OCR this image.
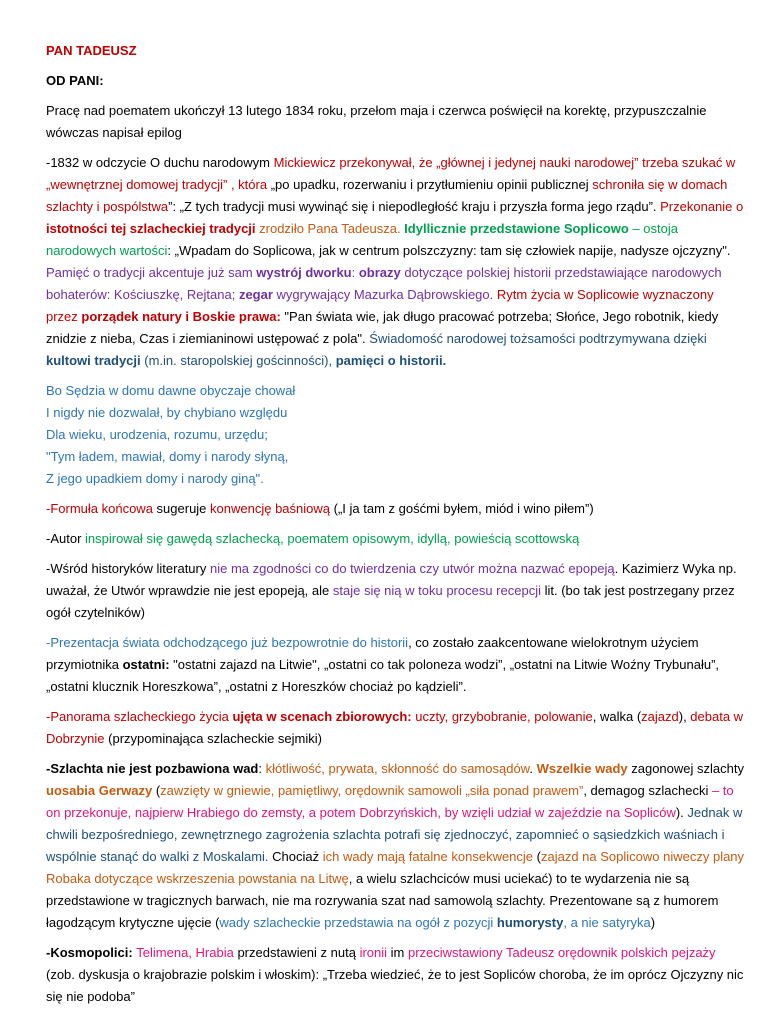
PAN TADEUSZ

OD PANI:

Pracę nad poematem ukończył 13 lutego 1834 roku, przełom maja i czerwca poświęcił na korektę, przypuszczalnie wówczas napisał epilog

-1832 w odczycie O duchu narodowym Mickiewicz przekonywał, że „głównej i jedynej nauki narodowej” trzeba szukać w „wewnętrznej domowej tradycji” , która „po upadku, rozerwaniu i przytłumieniu opinii publicznej schroniła się w domach szlachty i pospólstwa”: „Z tych tradycji musi wywinąć się i niepodległość kraju i przyszła forma jego rządu”. Przekonanie o istotności tej szlacheckiej tradycji zrodziło Pana Tadeusza. Idyllicznie przedstawione Soplicowo – ostoja narodowych wartości: „Wpadam do Soplicowa, jak w centrum polszczyzny: tam się człowiek napije, nadysze ojczyzny". Pamięć o tradycji akcentuje już sam wystrój dworku: obrazy dotyczące polskiej historii przedstawiające narodowych bohaterów: Kościuszkę, Rejtana; zegar wygrywający Mazurka Dąbrowskiego. Rytm życia w Soplicowie wyznaczony przez porządek natury i Boskie prawa: "Pan świata wie, jak długo pracować potrzeba; Słońce, Jego robotnik, kiedy znidzie z nieba, Czas i ziemianinowi ustępować z pola". Świadomość narodowej tożsamości podtrzymywana dzięki kultowi tradycji (m.in. staropolskiej gościnności), pamięci o historii.

Bo Sędzia w domu dawne obyczaje chował
I nigdy nie dozwalał, by chybiano względu
Dla wieku, urodzenia, rozumu, urzędu;
"Tym ładem, mawiał, domy i narody słyną,
Z jego upadkiem domy i narody giną".

-Formuła końcowa sugeruje konwencję baśniową („I ja tam z gośćmi byłem, miód i wino piłem”)

-Autor inspirował się gawędą szlachecką, poematem opisowym, idyllą, powieścią scottowską

-Wśród historyków literatury nie ma zgodności co do twierdzenia czy utwór można nazwać epopeją. Kazimierz Wyka np. uważał, że Utwór wprawdzie nie jest epopeją, ale staje się nią w toku procesu recepcji lit. (bo tak jest postrzegany przez ogół czytelników)

-Prezentacja świata odchodzącego już bezpowrotnie do historii, co zostało zaakcentowane wielokrotnym użyciem przymiotnika ostatni: "ostatni zajazd na Litwie", „ostatni co tak poloneza wodzi”, „ostatni na Litwie Woźny Trybunału”, „ostatni klucznik Horeszkowa”, „ostatni z Horeszków chociaż po kądzieli”.

-Panorama szlacheckiego życia ujęta w scenach zbiorowych: uczty, grzybobranie, polowanie, walka (zajazd), debata w Dobrzynie (przypominająca szlacheckie sejmiki)

-Szlachta nie jest pozbawiona wad: kłótliwość, prywata, skłonność do samosądów. Wszelkie wady zagonowej szlachty uosabia Gerwazy (zawzięty w gniewie, pamiętliwy, orędownik samowoli „siła ponad prawem”, demagog szlachecki – to on przekonuje, najpierw Hrabiego do zemsty, a potem Dobrzyńskich, by wzięli udział w zajeździe na Sopliców). Jednak w chwili bezpośredniego, zewnętrznego zagrożenia szlachta potrafi się zjednoczyć, zapomnieć o sąsiedzkich waśniach i wspólnie stanąć do walki z Moskalami. Chociaż ich wady mają fatalne konsekwencje (zajazd na Soplicowo niweczy plany Robaka dotyczące wskrzeszenia powstania na Litwę, a wielu szlachciców musi uciekać) to te wydarzenia nie są przedstawione w tragicznych barwach, nie ma rozrywania szat nad samowolą szlachty. Prezentowane są z humorem łagodzącym krytyczne ujęcie (wady szlacheckie przedstawia na ogół z pozycji humorysty, a nie satyryka)

-Kosmopolici: Telimena, Hrabia przedstawieni z nutą ironii im przeciwstawiony Tadeusz orędownik polskich pejzaży (zob. dyskusja o krajobrazie polskim i włoskim): „Trzeba wiedzieć, że to jest Sopliców choroba, że im oprócz Ojczyzny nic się nie podoba”
